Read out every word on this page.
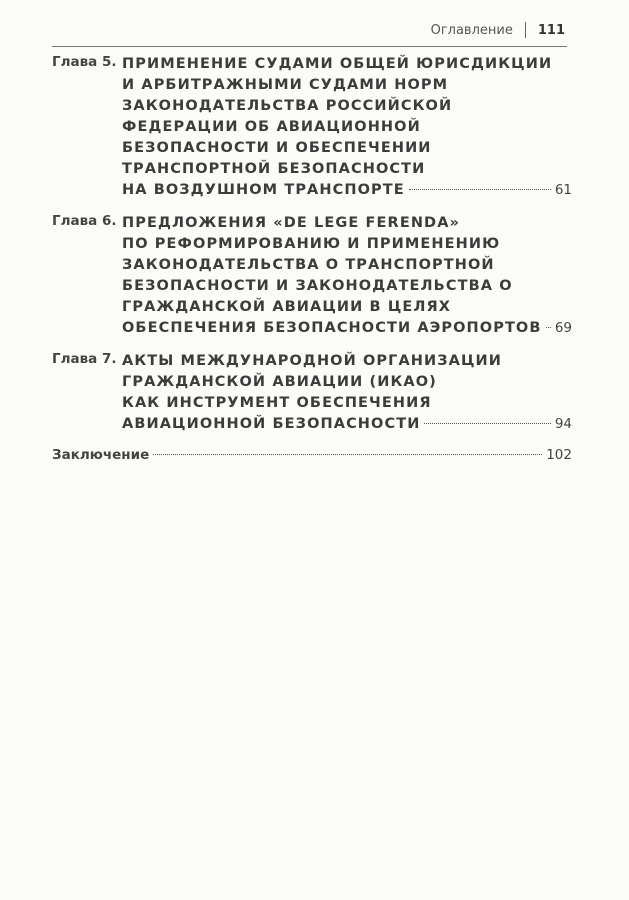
Оглавление 111
Глава 5. ПРИМЕНЕНИЕ СУДАМИ ОБЩЕЙ ЮРИСДИКЦИИ
И АРБИТРАЖНЫМИ СУДАМИ НОРМ
ЗАКОНОДАТЕЛЬСТВА РОССИЙСКОЙ
ФЕДЕРАЦИИ ОБ АВИАЦИОННОЙ
БЕЗОПАСНОСТИ И ОБЕСПЕЧЕНИИ
ТРАНСПОРТНОЙ БЕЗОПАСНОСТИ
НА ВОЗДУШНОМ ТРАНСПОРТЕ	61
Глава 6. ПРЕДЛОЖЕНИЯ «DE LEGE FERENDA»
ПО РЕФОРМИРОВАНИЮ И ПРИМЕНЕНИЮ
ЗАКОНОДАТЕЛЬСТВА О ТРАНСПОРТНОЙ
БЕЗОПАСНОСТИ И ЗАКОНОДАТЕЛЬСТВА О
ГРАЖДАНСКОЙ АВИАЦИИ В ЦЕЛЯХ
ОБЕСПЕЧЕНИЯ БЕЗОПАСНОСТИ АЭРОПОРТОВ 69
Глава 7. АКТЫ МЕЖДУНАРОДНОЙ ОРГАНИЗАЦИИ
ГРАЖДАНСКОЙ АВИАЦИИ (ИКАО)
КАК ИНСТРУМЕНТ ОБЕСПЕЧЕНИЯ
АВИАЦИОННОЙ БЕЗОПАСНОСТИ	94
Заключение	102
